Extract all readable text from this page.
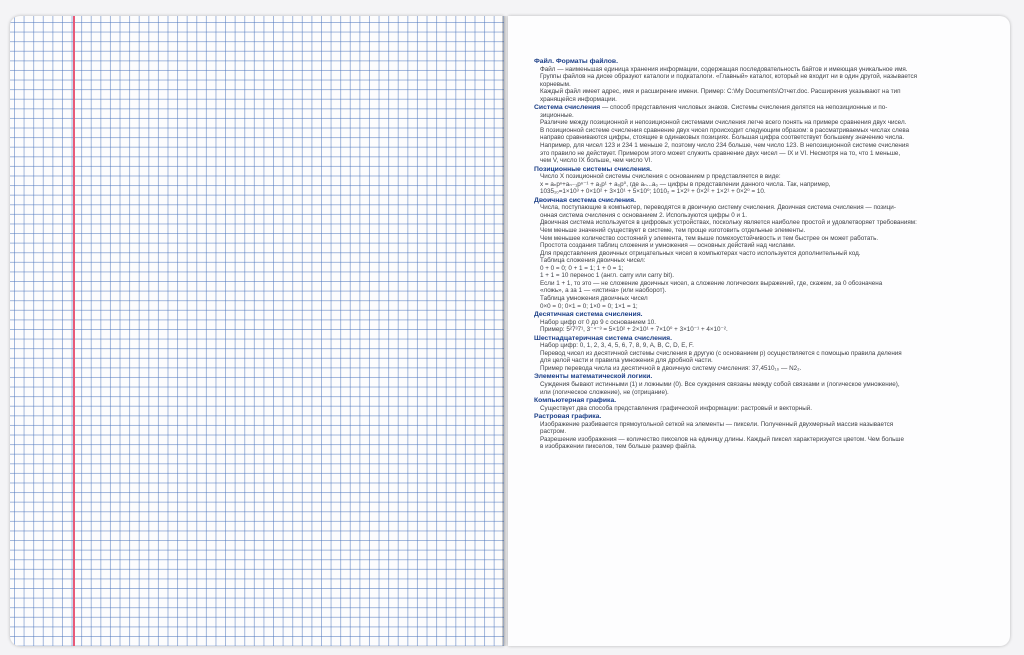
Файл. Форматы файлов.

Файл — наименьшая единица хранения информации, содержащая последовательность байтов и имеющая уникальное имя.

Группы файлов на диске образуют каталоги и подкаталоги. «Главный» каталог, который не входит ни в один другой, называется

корневым.

Каждый файл имеет адрес, имя и расширение имени. Пример: C:\My Documents\Отчет.doc. Расширения указывают на тип

хранящейся информации.

Система счисления — способ представления числовых знаков. Системы счисления делятся на непозиционные и по-

зиционные.

Различие между позиционной и непозиционной системами счисления легче всего понять на примере сравнения двух чисел.

В позиционной системе счисления сравнение двух чисел происходит следующим образом: в рассматриваемых числах слева

направо сравниваются цифры, стоящие в одинаковых позициях. Большая цифра соответствует большему значению числа.

Например, для чисел 123 и 234 1 меньше 2, поэтому число 234 больше, чем число 123. В непозиционной системе счисления

это правило не действует. Примером этого может служить сравнение двух чисел — IX и VI. Несмотря на то, что 1 меньше,

чем V, число IX больше, чем число VI.

Позиционные системы счисления.

Число X позиционной системы счисления с основанием p представляется в виде:

x = aₙpⁿ+aₙ₋₁pⁿ⁻¹ + a₁p¹ + a₀p⁰, где aₙ...a₀ — цифры в представлении данного числа. Так, например,

1035₁₀=1×10³ + 0×10² + 3×10¹ + 5×10⁰; 1010₂ = 1×2³ + 0×2² + 1×2¹ + 0×2⁰ = 10.

Двоичная система счисления.

Числа, поступающие в компьютер, переводятся в двоичную систему счисления. Двоичная система счисления — позици-

онная система счисления с основанием 2. Используются цифры 0 и 1.

Двоичная система используется в цифровых устройствах, поскольку является наиболее простой и удовлетворяет требованиям:

Чем меньше значений существует в системе, тем проще изготовить отдельные элементы.

Чем меньшее количество состояний у элемента, тем выше помехоустойчивость и тем быстрее он может работать.

Простота создания таблиц сложения и умножения — основных действий над числами.

Для представления двоичных отрицательных чисел в компьютерах часто используется дополнительный код.

Таблица сложения двоичных чисел:

0 + 0 = 0; 0 + 1 = 1; 1 + 0 = 1;

1 + 1 = 10 перенос 1 (англ. carry или carry bit).

Если 1 + 1, то это — не сложение двоичных чисел, а сложение логических выражений, где, скажем, за 0 обозначена

«ложь», а за 1 — «истина» (или наоборот).

Таблица умножения двоичных чисел

0×0 = 0; 0×1 = 0; 1×0 = 0; 1×1 = 1;

Десятичная система счисления.

Набор цифр от 0 до 9 с основанием 10.

Пример: 5²7³7¹, 3⁻⁴⁻³ = 5×10² + 2×10¹ + 7×10⁰ + 3×10⁻¹ + 4×10⁻².

Шестнадцатеричная система счисления.

Набор цифр: 0, 1, 2, 3, 4, 5, 6, 7, 8, 9, A, B, C, D, E, F.

Перевод чисел из десятичной системы счисления в другую (с основанием p) осуществляется с помощью правила деления

для целой части и правила умножения для дробной части.

Пример перевода числа из десятичной в двоичную систему счисления: 37,4510₁₀ — N2₂.

Элементы математической логики.

Суждения бывают истинными (1) и ложными (0). Все суждения связаны между собой связками и (логическое умножение),

или (логическое сложение), не (отрицание).

Компьютерная графика.

Существует два способа представления графической информации: растровый и векторный.

Растровая графика.

Изображение разбивается прямоугольной сеткой на элементы — пиксели. Полученный двухмерный массив называется

растром.

Разрешение изображения — количество пикселов на единицу длины. Каждый пиксел характеризуется цветом. Чем больше

в изображении пикселов, тем больше размер файла.
